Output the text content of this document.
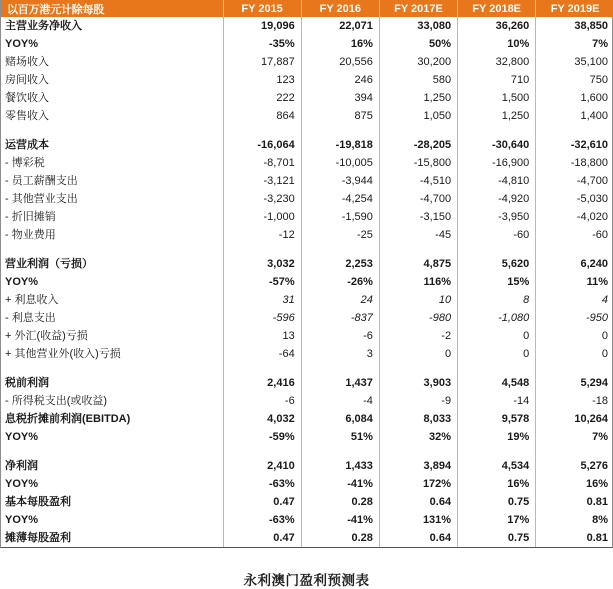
以百万港元计除每股	FY 2015	FY 2016	FY 2017E	FY 2018E	FY 2019E
主营业务净收入	19,096	22,071	33,080	36,260	38,850
YOY%	-35%	16%	50%	10%	7%
赌场收入	17,887	20,556	30,200	32,800	35,100
房间收入	123	246	580	710	750
餐饮收入	222	394	1,250	1,500	1,600
零售收入	864	875	1,050	1,250	1,400

运营成本	-16,064	-19,818	-28,205	-30,640	-32,610
- 博彩税	-8,701	-10,005	-15,800	-16,900	-18,800
- 员工薪酬支出	-3,121	-3,944	-4,510	-4,810	-4,700
- 其他营业支出	-3,230	-4,254	-4,700	-4,920	-5,030
- 折旧摊销	-1,000	-1,590	-3,150	-3,950	-4,020
- 物业费用	-12	-25	-45	-60	-60

营业利润（亏损）	3,032	2,253	4,875	5,620	6,240
YOY%	-57%	-26%	116%	15%	11%
+ 利息收入	31	24	10	8	4
- 利息支出	-596	-837	-980	-1,080	-950
+ 外汇(收益)亏损	13	-6	-2	0	0
+ 其他营业外(收入)亏损	-64	3	0	0	0

税前利润	2,416	1,437	3,903	4,548	5,294
- 所得税支出(或收益)	-6	-4	-9	-14	-18
息税折摊前利润(EBITDA)	4,032	6,084	8,033	9,578	10,264
YOY%	-59%	51%	32%	19%	7%

净利润	2,410	1,433	3,894	4,534	5,276
YOY%	-63%	-41%	172%	16%	16%
基本每股盈利	0.47	0.28	0.64	0.75	0.81
YOY%	-63%	-41%	131%	17%	8%
摊薄每股盈利	0.47	0.28	0.64	0.75	0.81
永利澳门盈利预测表
